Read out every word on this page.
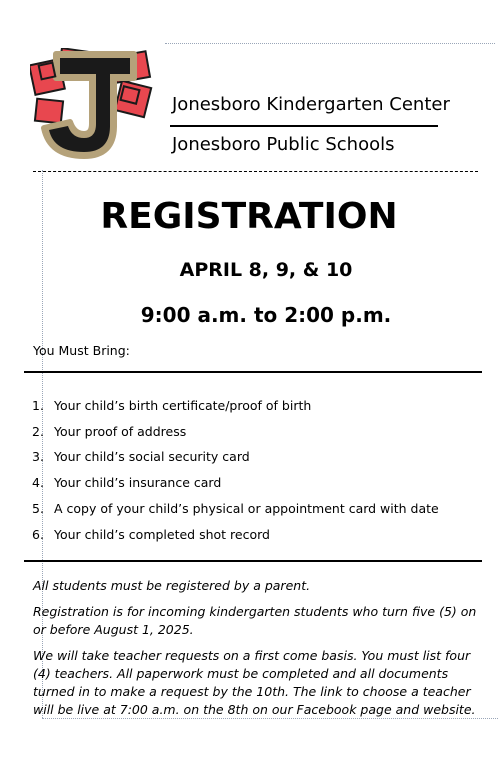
Jonesboro Kindergarten Center
Jonesboro Public Schools
REGISTRATION
APRIL 8, 9, & 10
9:00 a.m. to 2:00 p.m.
You Must Bring:
1. Your child’s birth certificate/proof of birth
2. Your proof of address
3. Your child’s social security card
4. Your child’s insurance card
5. A copy of your child’s physical or appointment card with date
6. Your child’s completed shot record
All students must be registered by a parent.
Registration is for incoming kindergarten students who turn five (5) on or before August 1, 2025.
We will take teacher requests on a first come basis. You must list four (4) teachers. All paperwork must be completed and all documents turned in to make a request by the 10th. The link to choose a teacher will be live at 7:00 a.m. on the 8th on our Facebook page and website.
